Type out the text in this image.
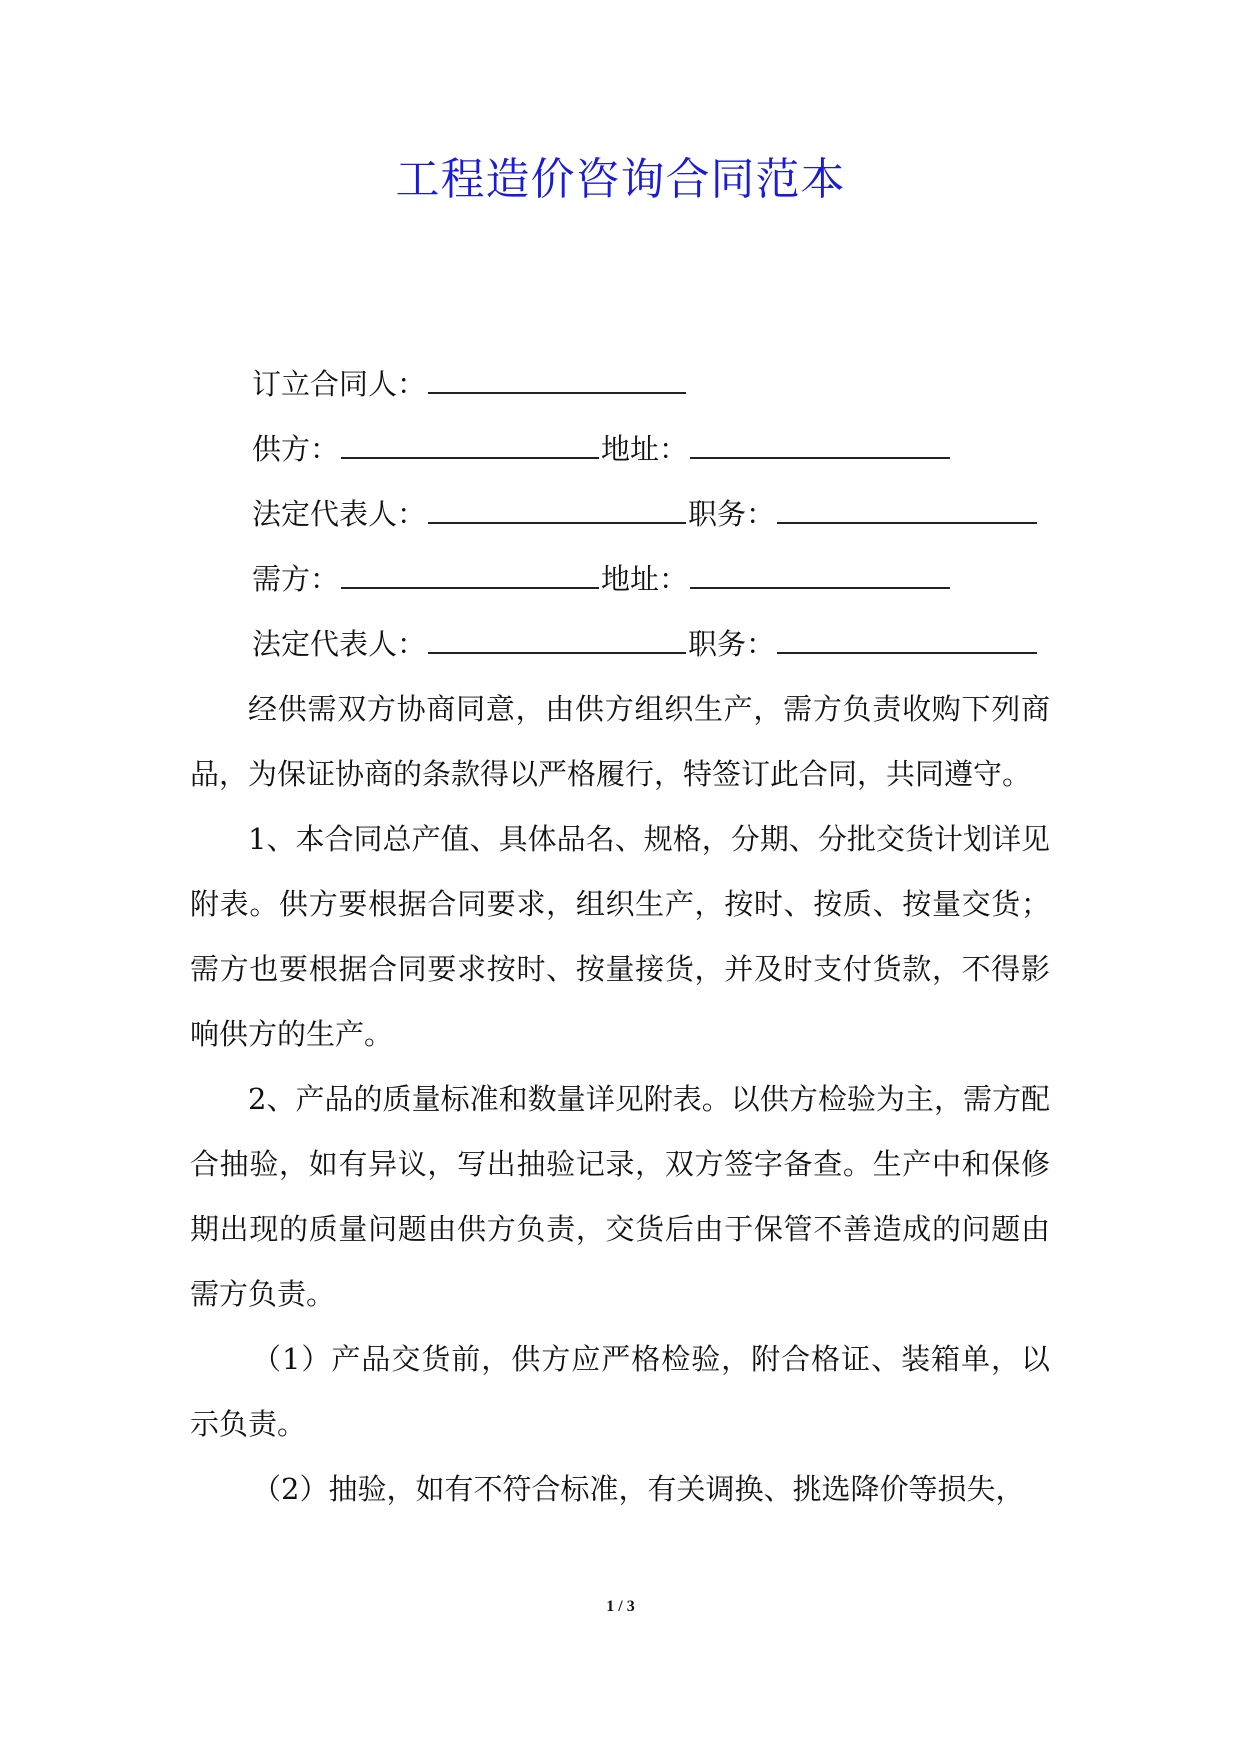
工程造价咨询合同范本
订立合同人：
供方：	地址：
法定代表人：	职务：
需方：	地址：
法定代表人：	职务：

经供需双方协商同意，由供方组织生产，需方负责收购下列商品，为保证协商的条款得以严格履行，特签订此合同，共同遵守。

1、本合同总产值、具体品名、规格，分期、分批交货计划详见附表。供方要根据合同要求，组织生产，按时、按质、按量交货；需方也要根据合同要求按时、按量接货，并及时支付货款，不得影响供方的生产。

2、产品的质量标准和数量详见附表。以供方检验为主，需方配合抽验，如有异议，写出抽验记录，双方签字备查。生产中和保修期出现的质量问题由供方负责，交货后由于保管不善造成的问题由需方负责。

（1）产品交货前，供方应严格检验，附合格证、装箱单，以示负责。

（2）抽验，如有不符合标准，有关调换、挑选降价等损失，

1 / 3
